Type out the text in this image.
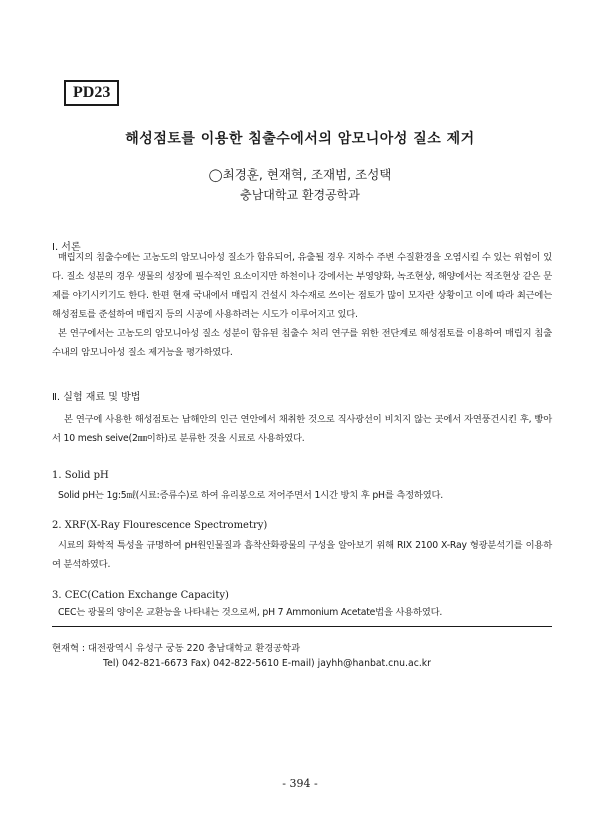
PD23
해성점토를 이용한 침출수에서의 암모니아성 질소 제거
◯최경훈, 현재혁, 조재범, 조성택
충남대학교 환경공학과
Ⅰ. 서론

매립지의 침출수에는 고농도의 암모니아성 질소가 함유되어, 유출될 경우 지하수 주변 수질환경을 오염시킬 수 있는 위험이 있다. 질소 성분의 경우 생물의 성장에 필수적인 요소이지만 하천이나 강에서는 부영양화, 녹조현상, 해양에서는 적조현상 같은 문제를 야기시키기도 한다. 한편 현재 국내에서 매립지 건설시 차수재로 쓰이는 점토가 많이 모자란 상황이고 이에 따라 최근에는 해성점토를 준설하여 매립지 등의 시공에 사용하려는 시도가 이루어지고 있다.

본 연구에서는 고농도의 암모니아성 질소 성분이 함유된 침출수 처리 연구를 위한 전단계로 해성점토를 이용하여 매립지 침출수내의 암모니아성 질소 제거능을 평가하였다.

Ⅱ. 실험 재료 및 방법

본 연구에 사용한 해성점토는 남해안의 인근 연안에서 채취한 것으로 직사광선이 비치지 않는 곳에서 자연풍건시킨 후, 빻아서 10 mesh seive(2㎜이하)로 분류한 것을 시료로 사용하였다.

1. Solid pH

Solid pH는 1g:5㎖(시료:증류수)로 하여 유리봉으로 저어주면서 1시간 방치 후 pH를 측정하였다.

2. XRF(X-Ray Flourescence Spectrometry)

시료의 화학적 특성을 규명하여 pH원인물질과 흡착산화광물의 구성을 알아보기 위해 RIX 2100 X-Ray 형광분석기를 이용하여 분석하였다.

3. CEC(Cation Exchange Capacity)

CEC는 광물의 양이온 교환능을 나타내는 것으로써, pH 7 Ammonium Acetate법을 사용하였다.

현재혁 : 대전광역시 유성구 궁동 220 충남대학교 환경공학과
Tel) 042-821-6673 Fax) 042-822-5610 E-mail) jayhh@hanbat.cnu.ac.kr
- 394 -
